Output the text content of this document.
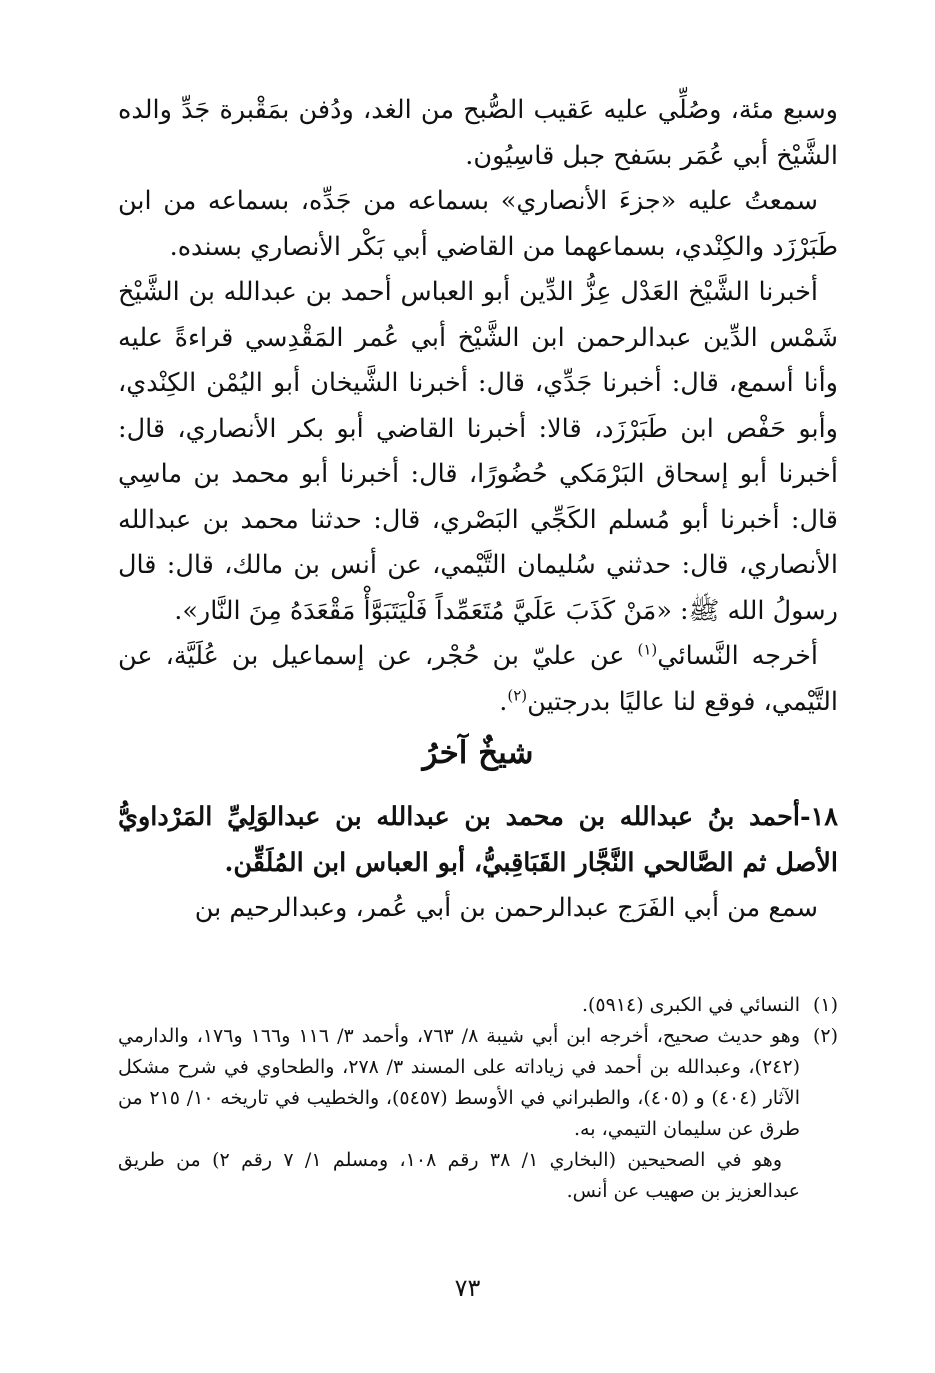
وسبع مئة، وصُلِّي عليه عَقيب الصُّبح من الغد، ودُفن بمَقْبرة جَدِّ والده الشَّيْخ أبي عُمَر بسَفح جبل قاسِيُون.

سمعتُ عليه «جزءَ الأنصاري» بسماعه من جَدِّه، بسماعه من ابن طَبَرْزَد والكِنْدي، بسماعهما من القاضي أبي بَكْر الأنصاري بسنده.

أخبرنا الشَّيْخ العَدْل عِزُّ الدِّين أبو العباس أحمد بن عبدالله بن الشَّيْخ شَمْس الدِّين عبدالرحمن ابن الشَّيْخ أبي عُمر المَقْدِسي قراءةً عليه وأنا أسمع، قال: أخبرنا جَدِّي، قال: أخبرنا الشَّيخان أبو اليُمْن الكِنْدي، وأبو حَفْص ابن طَبَرْزَد، قالا: أخبرنا القاضي أبو بكر الأنصاري، قال: أخبرنا أبو إسحاق البَرْمَكي حُضُورًا، قال: أخبرنا أبو محمد بن ماسِي قال: أخبرنا أبو مُسلم الكَجِّي البَصْري، قال: حدثنا محمد بن عبدالله الأنصاري، قال: حدثني سُليمان التَّيْمي، عن أنس بن مالك، قال: قال رسولُ الله ﷺ: «مَنْ كَذَبَ عَلَيَّ مُتَعَمِّداً فَلْيَتَبَوَّأْ مَقْعَدَهُ مِنَ النَّار».

أخرجه النَّسائي$^{(١)}$ عن عليّ بن حُجْر، عن إسماعيل بن عُلَيَّة، عن التَّيْمي، فوقع لنا عاليًا بدرجتين$^{(٢)}$.

شيخٌ آخرُ

١٨-أحمد بنُ عبدالله بن محمد بن عبدالله بن عبدالوَلِيِّ المَرْداويُّ الأصل ثم الصَّالحي النَّجَّار القَبَاقِبيُّ، أبو العباس ابن المُلَقِّن.

سمع من أبي الفَرَج عبدالرحمن بن أبي عُمر، وعبدالرحيم بن

(١)
النسائي في الكبرى (٥٩١٤).
(٢)
وهو حديث صحيح، أخرجه ابن أبي شيبة ٨/ ٧٦٣، وأحمد ٣/ ١١٦ و١٦٦ و١٧٦، والدارمي (٢٤٢)، وعبدالله بن أحمد في زياداته على المسند ٣/ ٢٧٨، والطحاوي في شرح مشكل الآثار (٤٠٤) و (٤٠٥)، والطبراني في الأوسط (٥٤٥٧)، والخطيب في تاريخه ١٠/ ٢١٥ من طرق عن سليمان التيمي، به.
وهو في الصحيحين (البخاري ١/ ٣٨ رقم ١٠٨، ومسلم ١/ ٧ رقم ٢) من طريق عبدالعزيز بن صهيب عن أنس.
٧٣
